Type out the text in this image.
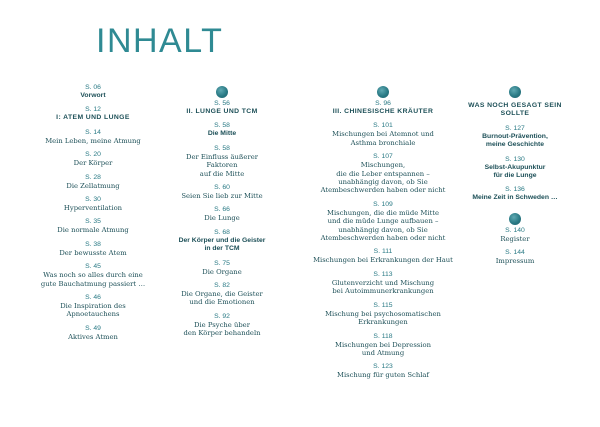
INHALT
S. 06
Vorwort
S. 12
I: ATEM UND LUNGE
S. 14
Mein Leben, meine Atmung
S. 20
Der Körper
S. 28
Die Zellatmung
S. 30
Hyperventilation
S. 35
Die normale Atmung
S. 38
Der bewusste Atem
S. 45
Was noch so alles durch eine
gute Bauchatmung passiert …
S. 46
Die Inspiration des Apnoetauchens
S. 49
Aktives Atmen
S. 56
II. LUNGE UND TCM
S. 58
Die Mitte
S. 58
Der Einfluss äußerer Faktoren
auf die Mitte
S. 60
Seien Sie lieb zur Mitte
S. 66
Die Lunge
S. 68
Der Körper und die Geister
in der TCM
S. 75
Die Organe
S. 82
Die Organe, die Geister
und die Emotionen
S. 92
Die Psyche über
den Körper behandeln
S. 96
III. CHINESISCHE KRÄUTER
S. 101
Mischungen bei Atemnot und
Asthma bronchiale
S. 107
Mischungen,
die die Leber entspannen –
unabhängig davon, ob Sie
Atembeschwerden haben oder nicht
S. 109
Mischungen, die die müde Mitte
und die müde Lunge aufbauen –
unabhängig davon, ob Sie
Atembeschwerden haben oder nicht
S. 111
Mischungen bei Erkrankungen der Haut
S. 113
Glutenverzicht und Mischung
bei Autoimmunerkrankungen
S. 115
Mischung bei psychosomatischen
Erkrankungen
S. 118
Mischungen bei Depression
und Atmung
S. 123
Mischung für guten Schlaf
WAS NOCH GESAGT SEIN SOLLTE
S. 127
Burnout-Prävention,
meine Geschichte
S. 130
Selbst-Akupunktur
für die Lunge
S. 136
Meine Zeit in Schweden …
S. 140
Register
S. 144
Impressum
